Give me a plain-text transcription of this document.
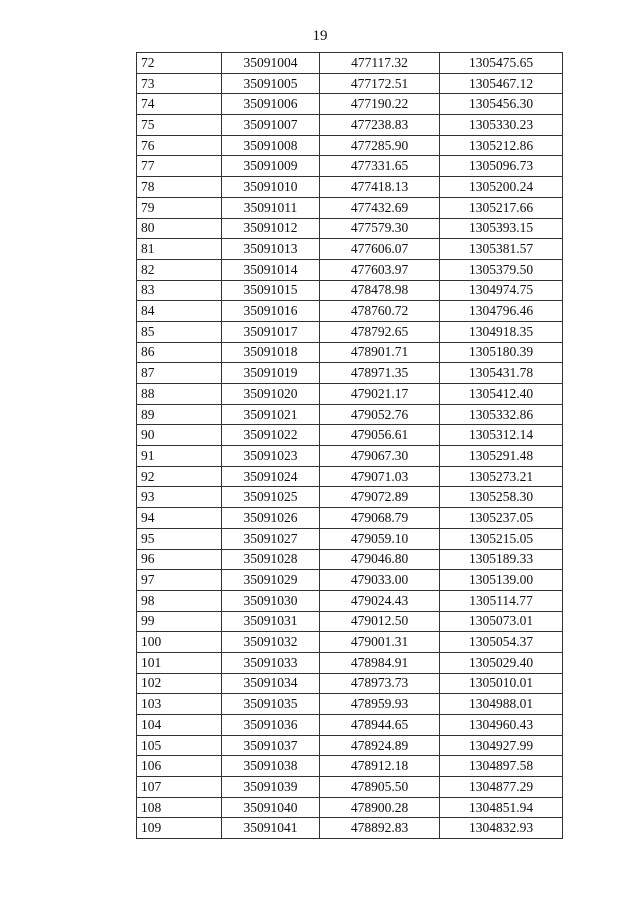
19
72	35091004	477117.32	1305475.65
73	35091005	477172.51	1305467.12
74	35091006	477190.22	1305456.30
75	35091007	477238.83	1305330.23
76	35091008	477285.90	1305212.86
77	35091009	477331.65	1305096.73
78	35091010	477418.13	1305200.24
79	35091011	477432.69	1305217.66
80	35091012	477579.30	1305393.15
81	35091013	477606.07	1305381.57
82	35091014	477603.97	1305379.50
83	35091015	478478.98	1304974.75
84	35091016	478760.72	1304796.46
85	35091017	478792.65	1304918.35
86	35091018	478901.71	1305180.39
87	35091019	478971.35	1305431.78
88	35091020	479021.17	1305412.40
89	35091021	479052.76	1305332.86
90	35091022	479056.61	1305312.14
91	35091023	479067.30	1305291.48
92	35091024	479071.03	1305273.21
93	35091025	479072.89	1305258.30
94	35091026	479068.79	1305237.05
95	35091027	479059.10	1305215.05
96	35091028	479046.80	1305189.33
97	35091029	479033.00	1305139.00
98	35091030	479024.43	1305114.77
99	35091031	479012.50	1305073.01
100	35091032	479001.31	1305054.37
101	35091033	478984.91	1305029.40
102	35091034	478973.73	1305010.01
103	35091035	478959.93	1304988.01
104	35091036	478944.65	1304960.43
105	35091037	478924.89	1304927.99
106	35091038	478912.18	1304897.58
107	35091039	478905.50	1304877.29
108	35091040	478900.28	1304851.94
109	35091041	478892.83	1304832.93
